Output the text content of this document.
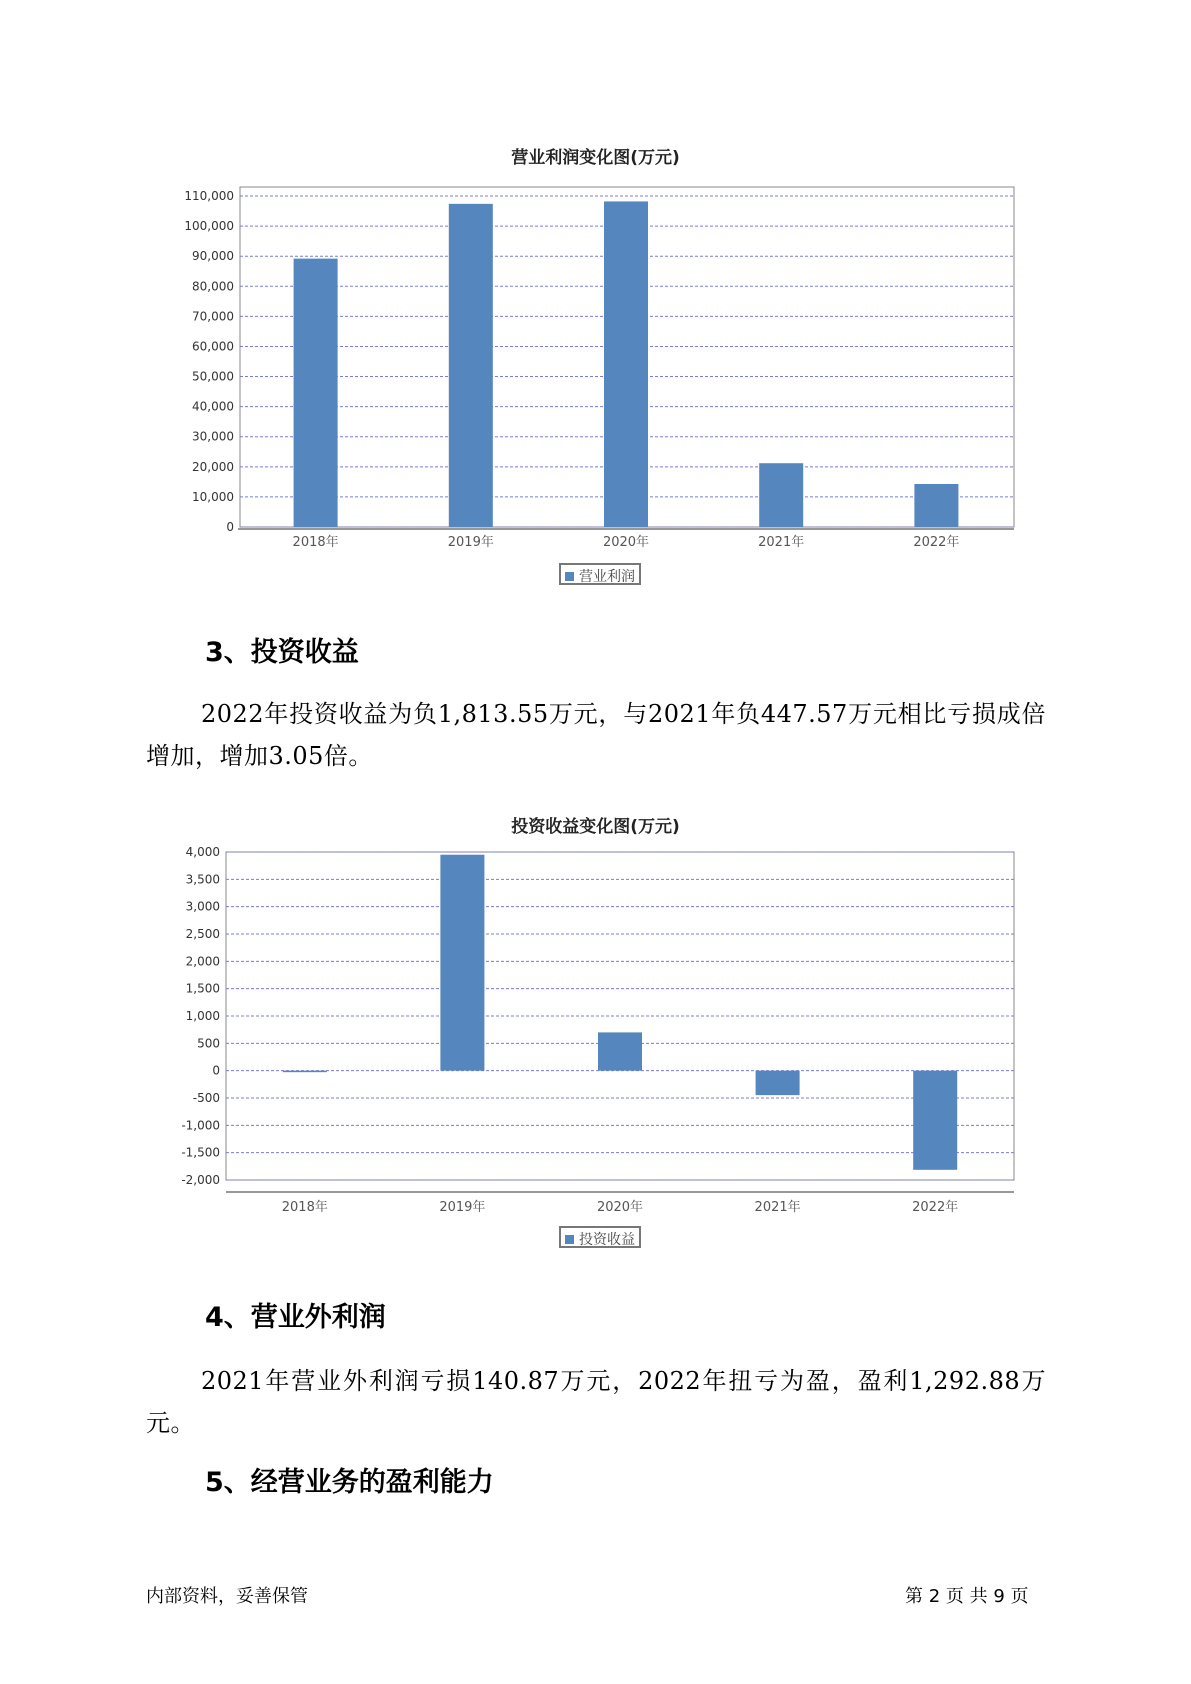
营业利润变化图(万元)
0
10,000
20,000
30,000
40,000
50,000
60,000
70,000
80,000
90,000
100,000
110,000
2018年	2019年	2020年	2021年	2022年
营业利润
3、投资收益
2022年投资收益为负1,813.55万元，与2021年负447.57万元相比亏损成倍增加，增加3.05倍。
投资收益变化图(万元)
-2,000
-1,500
-1,000
-500
0
500
1,000
1,500
2,000
2,500
3,000
3,500
4,000
2018年	2019年	2020年	2021年	2022年
投资收益
4、营业外利润
2021年营业外利润亏损140.87万元，2022年扭亏为盈，盈利1,292.88万元。
5、经营业务的盈利能力
内部资料，妥善保管	第 2 页 共 9 页
